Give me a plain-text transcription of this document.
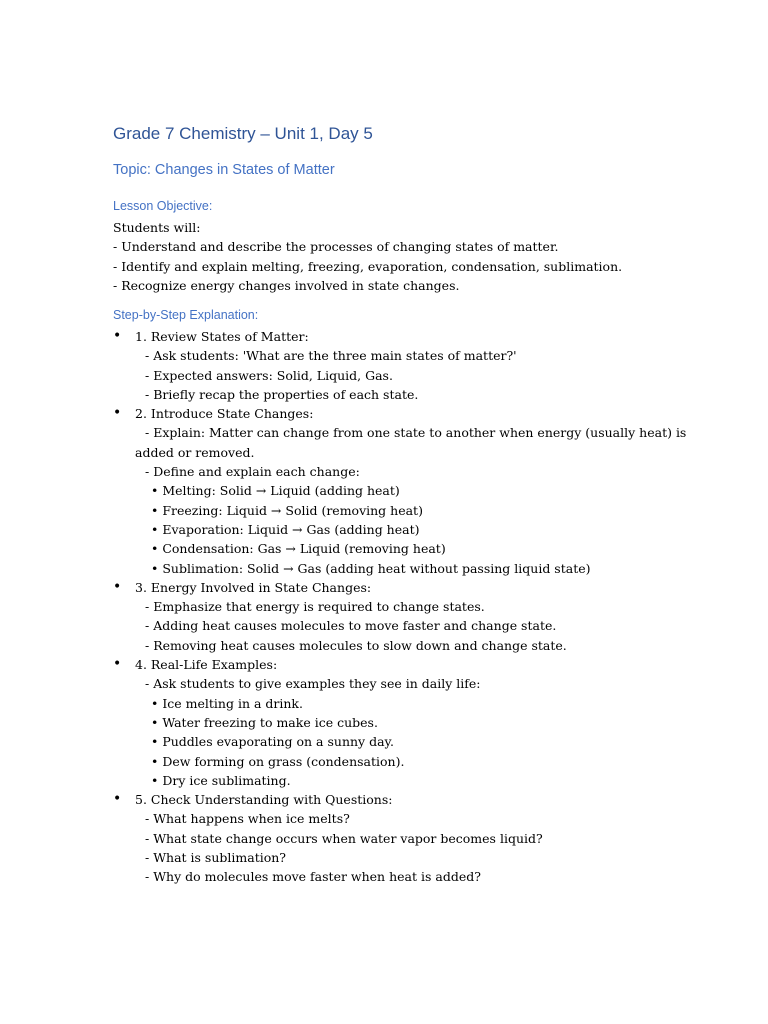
Grade 7 Chemistry – Unit 1, Day 5
Topic: Changes in States of Matter
Lesson Objective:
Students will:
- Understand and describe the processes of changing states of matter.
- Identify and explain melting, freezing, evaporation, condensation, sublimation.
- Recognize energy changes involved in state changes.
Step-by-Step Explanation:
•	1. Review States of Matter:
- Ask students: 'What are the three main states of matter?'
- Expected answers: Solid, Liquid, Gas.
- Briefly recap the properties of each state.
•	2. Introduce State Changes:
- Explain: Matter can change from one state to another when energy (usually heat) is
added or removed.
- Define and explain each change:
• Melting: Solid → Liquid (adding heat)
• Freezing: Liquid → Solid (removing heat)
• Evaporation: Liquid → Gas (adding heat)
• Condensation: Gas → Liquid (removing heat)
• Sublimation: Solid → Gas (adding heat without passing liquid state)
•	3. Energy Involved in State Changes:
- Emphasize that energy is required to change states.
- Adding heat causes molecules to move faster and change state.
- Removing heat causes molecules to slow down and change state.
•	4. Real-Life Examples:
- Ask students to give examples they see in daily life:
• Ice melting in a drink.
• Water freezing to make ice cubes.
• Puddles evaporating on a sunny day.
• Dew forming on grass (condensation).
• Dry ice sublimating.
•	5. Check Understanding with Questions:
- What happens when ice melts?
- What state change occurs when water vapor becomes liquid?
- What is sublimation?
- Why do molecules move faster when heat is added?
